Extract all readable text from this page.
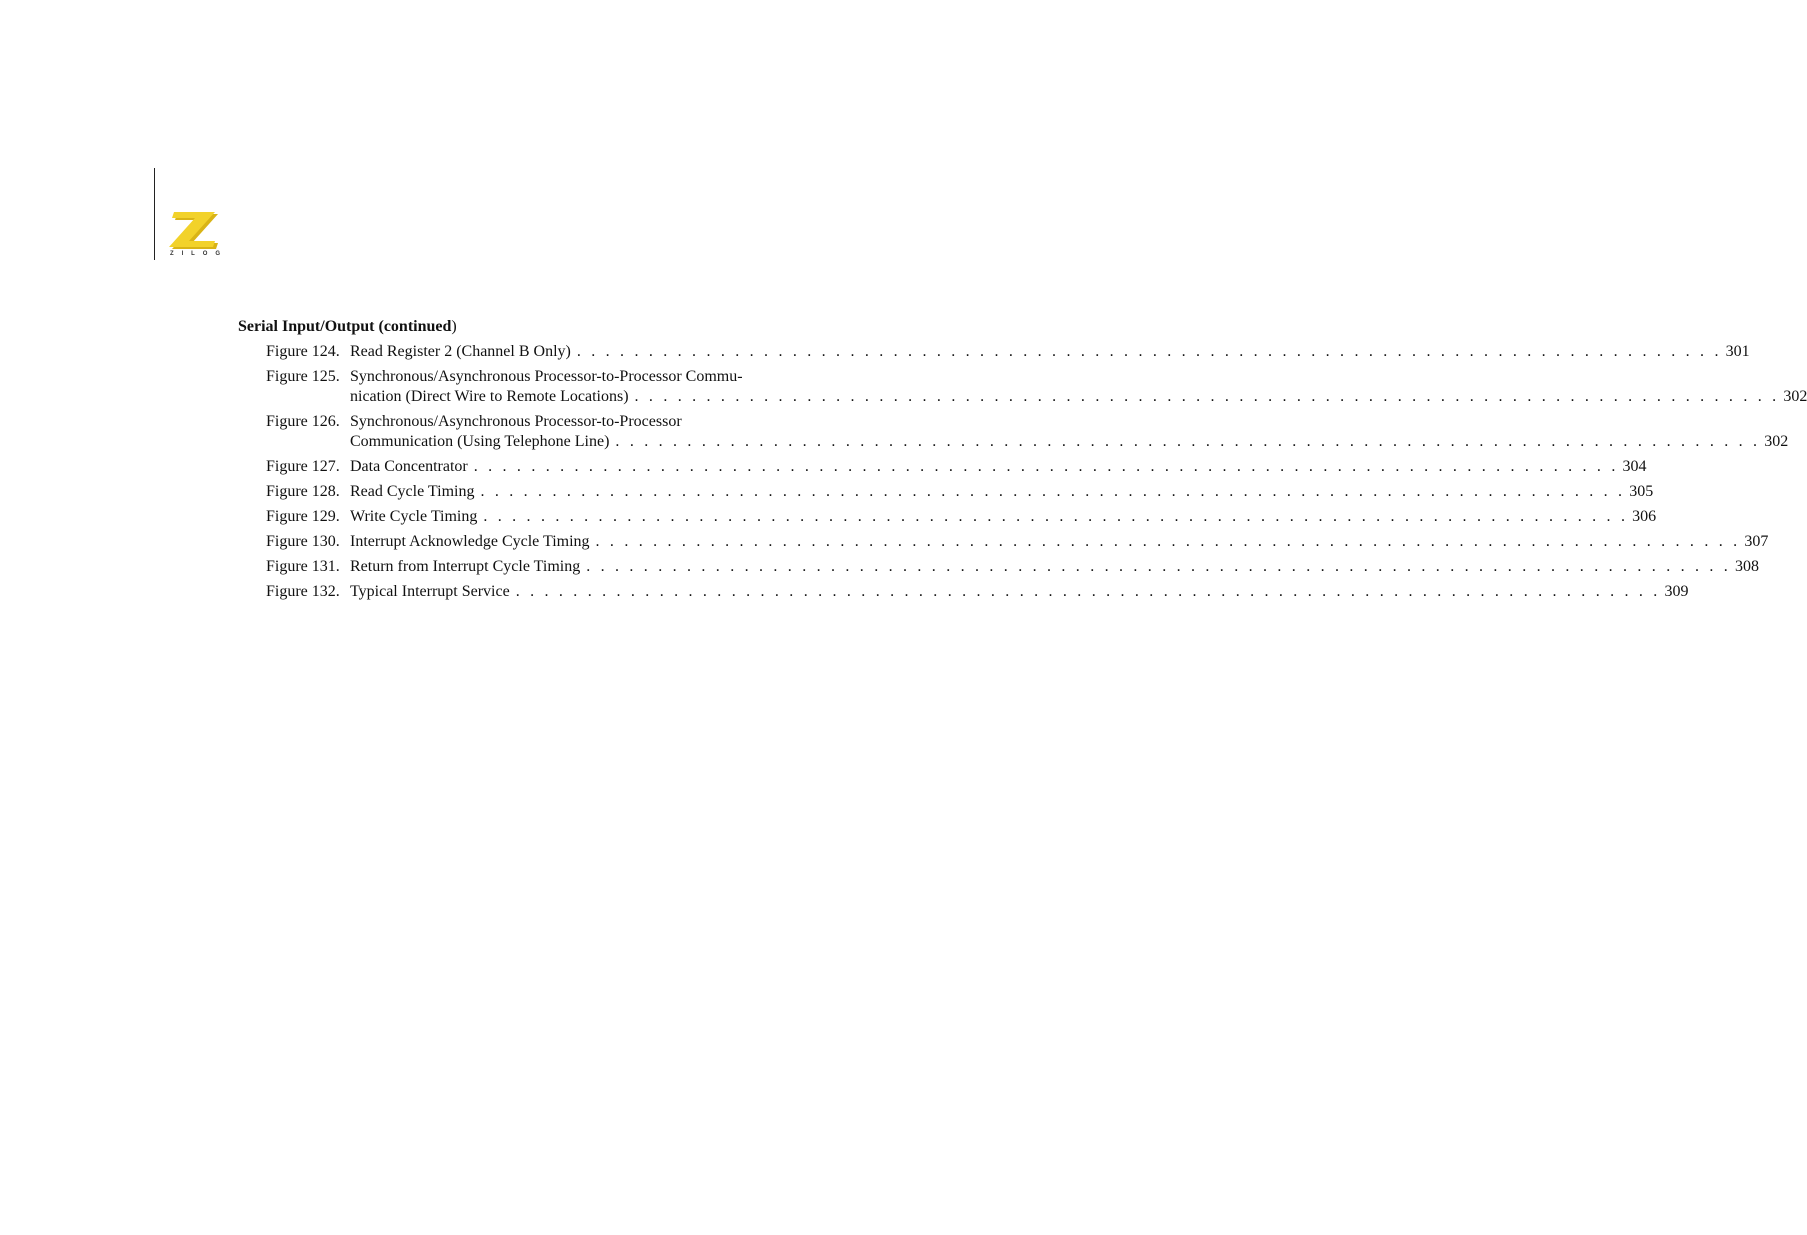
Z I L O G
Serial Input/Output (continued)
Figure 124. Read Register 2 (Channel B Only) . . . . . . . . . . . . . . . . . . . . . . . . . . . . . . . . . . . . . . . . . . . . . . . . . . . . . . . . . . . . . . . . . . . . . . . . . . . . . . . . 301
Figure 125. Synchronous/Asynchronous Processor-to-Processor Commu-
nication (Direct Wire to Remote Locations) . . . . . . . . . . . . . . . . . . . . . . . . . . . . . . . . . . . . . . . . . . . . . . . . . . . . . . . . . . . . . . . . . . . . . . . . . . . . . . . . 302
Figure 126. Synchronous/Asynchronous Processor-to-Processor
Communication (Using Telephone Line) . . . . . . . . . . . . . . . . . . . . . . . . . . . . . . . . . . . . . . . . . . . . . . . . . . . . . . . . . . . . . . . . . . . . . . . . . . . . . . . . 302
Figure 127. Data Concentrator . . . . . . . . . . . . . . . . . . . . . . . . . . . . . . . . . . . . . . . . . . . . . . . . . . . . . . . . . . . . . . . . . . . . . . . . . . . . . . . . 304
Figure 128. Read Cycle Timing . . . . . . . . . . . . . . . . . . . . . . . . . . . . . . . . . . . . . . . . . . . . . . . . . . . . . . . . . . . . . . . . . . . . . . . . . . . . . . . . 305
Figure 129. Write Cycle Timing . . . . . . . . . . . . . . . . . . . . . . . . . . . . . . . . . . . . . . . . . . . . . . . . . . . . . . . . . . . . . . . . . . . . . . . . . . . . . . . . 306
Figure 130. Interrupt Acknowledge Cycle Timing . . . . . . . . . . . . . . . . . . . . . . . . . . . . . . . . . . . . . . . . . . . . . . . . . . . . . . . . . . . . . . . . . . . . . . . . . . . . . . . . 307
Figure 131. Return from Interrupt Cycle Timing . . . . . . . . . . . . . . . . . . . . . . . . . . . . . . . . . . . . . . . . . . . . . . . . . . . . . . . . . . . . . . . . . . . . . . . . . . . . . . . . 308
Figure 132. Typical Interrupt Service . . . . . . . . . . . . . . . . . . . . . . . . . . . . . . . . . . . . . . . . . . . . . . . . . . . . . . . . . . . . . . . . . . . . . . . . . . . . . . . . 309
